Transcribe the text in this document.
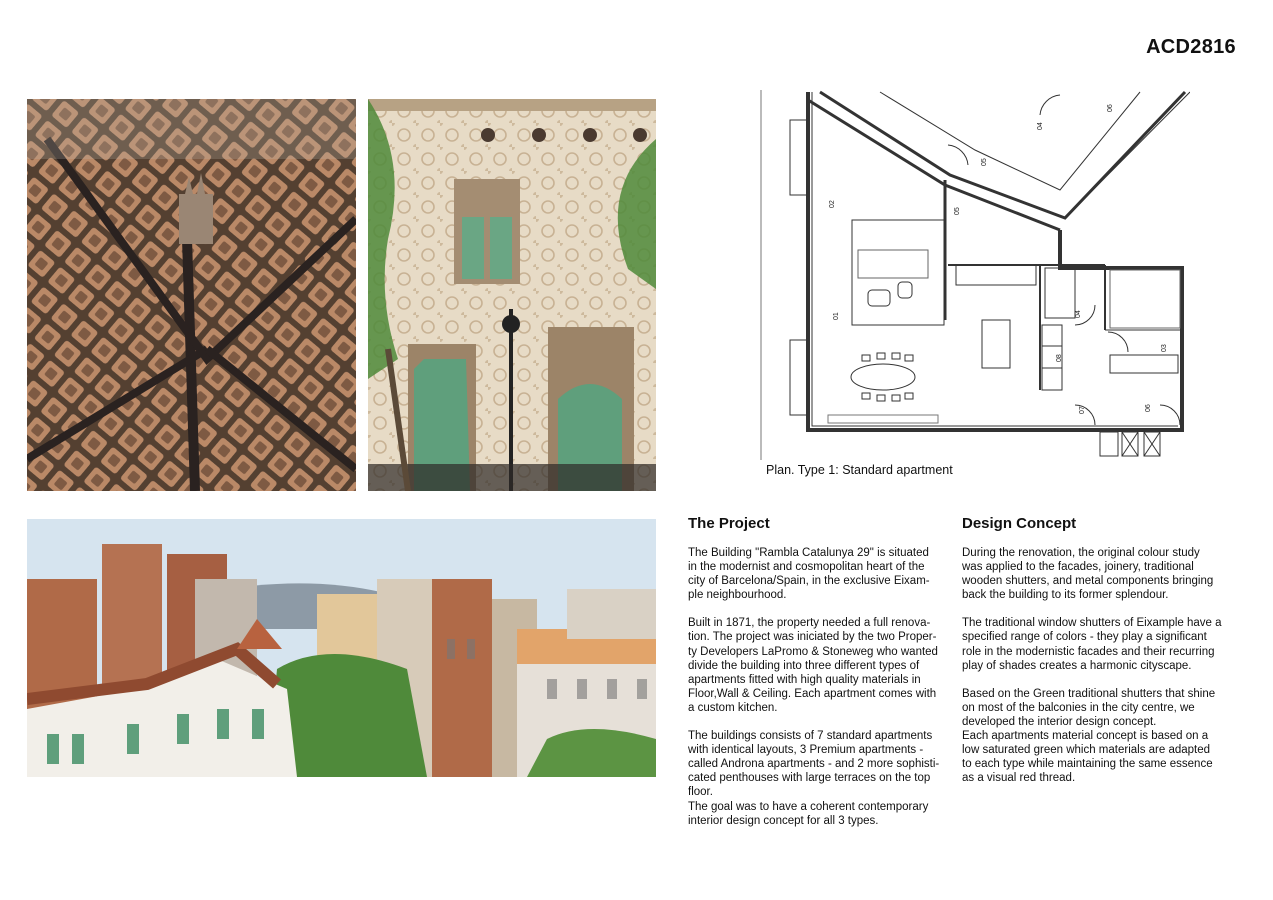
ACD2816
01
02
03
04
04
05
05
06
06
07
08
Plan. Type 1: Standard apartment
The Project

The Building "Rambla Catalunya 29" is situated
in the modernist and cosmopolitan heart of the
city of Barcelona/Spain, in the exclusive Eixam-
ple neighbourhood.

Built in 1871, the property needed a full renova-
tion. The project was iniciated by the two Proper-
ty Developers LaPromo & Stoneweg who wanted
divide the building into three different types of
apartments fitted with high quality materials in
Floor,Wall & Ceiling. Each apartment comes with
a custom kitchen.

The buildings consists of 7 standard apartments
with identical layouts, 3 Premium apartments -
called Androna apartments - and 2 more sophisti-
cated penthouses with large terraces on the top
floor.
The goal was to have a coherent contemporary
interior design concept for all 3 types.

Design Concept

During the renovation, the original colour study
was applied to the facades, joinery, traditional
wooden shutters, and metal components bringing
back the building to its former splendour.

The traditional window shutters of Eixample have a
specified range of colors - they play a significant
role in the modernistic facades and their recurring
play of shades creates a harmonic cityscape.

Based on the Green traditional shutters that shine
on most of the balconies in the city centre, we
developed the interior design concept.
Each apartments material concept is based on a
low saturated green which materials are adapted
to each type while maintaining the same essence
as a visual red thread.
